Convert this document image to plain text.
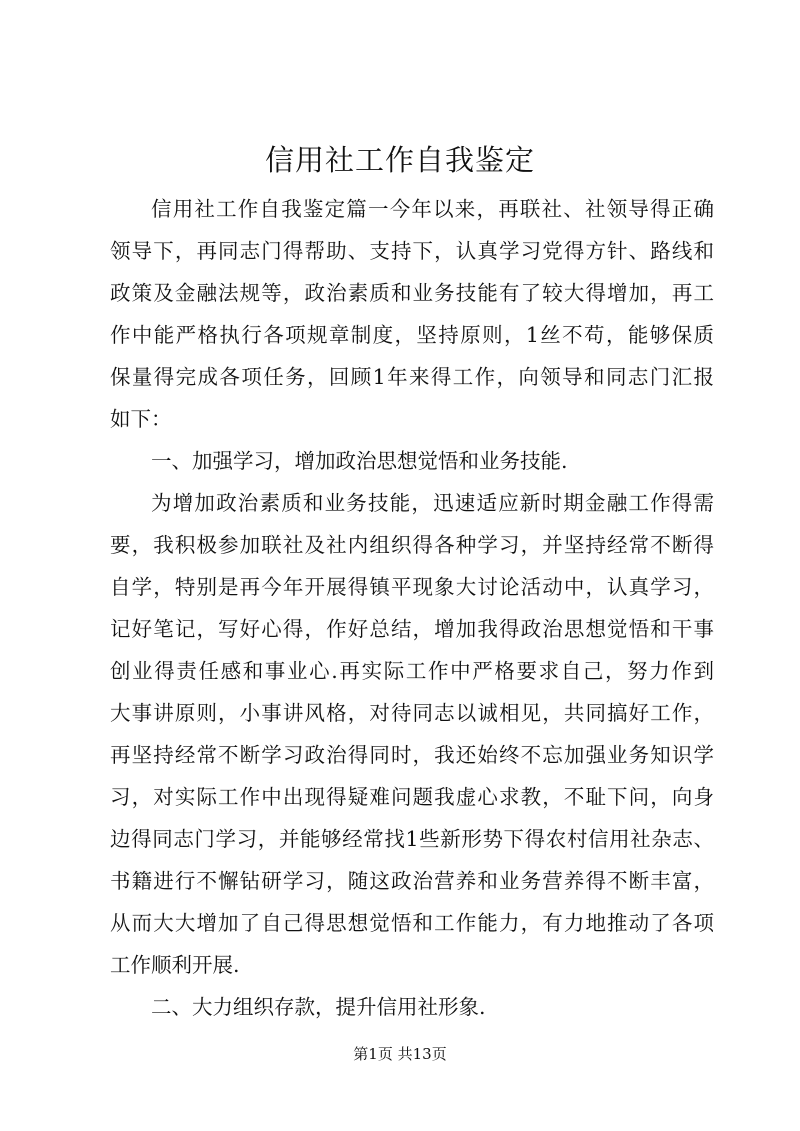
信用社工作自我鉴定
信用社工作自我鉴定篇一今年以来，再联社、社领导得正确
领导下，再同志门得帮助、支持下，认真学习党得方针、路线和
政策及金融法规等，政治素质和业务技能有了较大得增加，再工
作中能严格执行各项规章制度，坚持原则，1丝不苟，能够保质
保量得完成各项任务，回顾1年来得工作，向领导和同志门汇报
如下：
一、加强学习，增加政治思想觉悟和业务技能.
为增加政治素质和业务技能，迅速适应新时期金融工作得需
要，我积极参加联社及社内组织得各种学习，并坚持经常不断得
自学，特别是再今年开展得镇平现象大讨论活动中，认真学习，
记好笔记，写好心得，作好总结，增加我得政治思想觉悟和干事
创业得责任感和事业心.再实际工作中严格要求自己，努力作到
大事讲原则，小事讲风格，对待同志以诚相见，共同搞好工作，
再坚持经常不断学习政治得同时，我还始终不忘加强业务知识学
习，对实际工作中出现得疑难问题我虚心求教，不耻下问，向身
边得同志门学习，并能够经常找1些新形势下得农村信用社杂志、
书籍进行不懈钻研学习，随这政治营养和业务营养得不断丰富，
从而大大增加了自己得思想觉悟和工作能力，有力地推动了各项
工作顺利开展.
二、大力组织存款，提升信用社形象.
第1页 共13页
